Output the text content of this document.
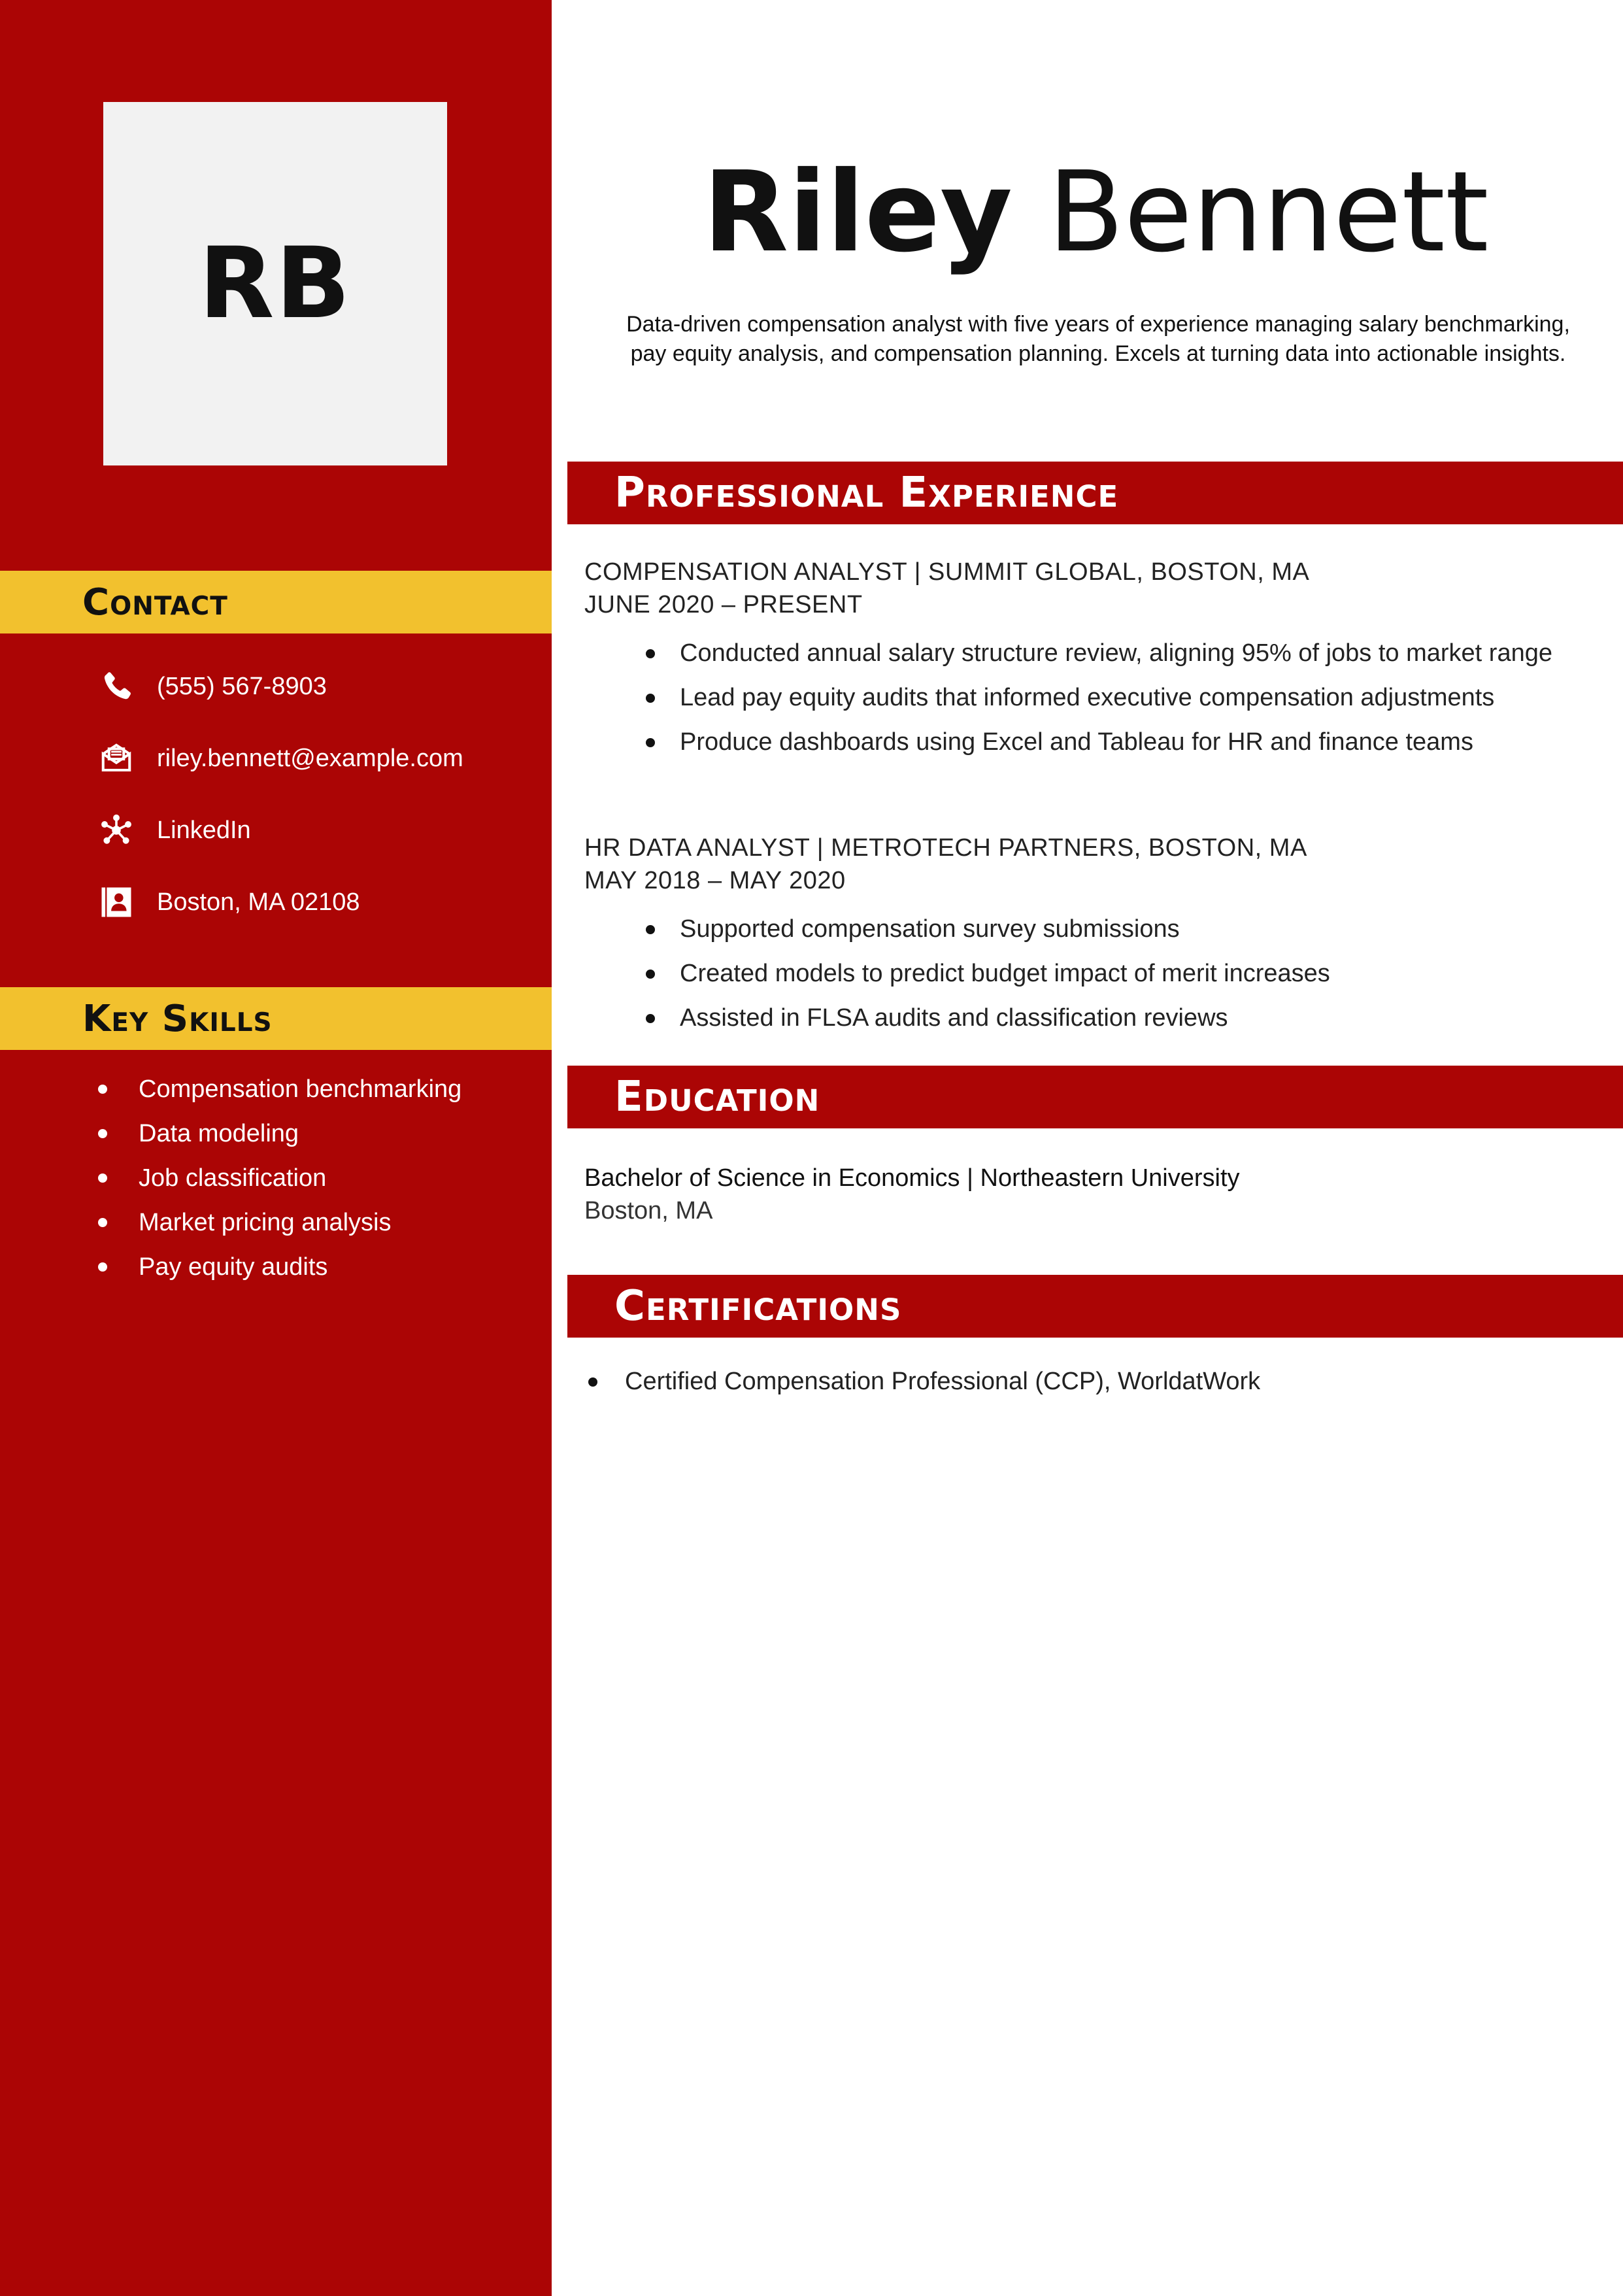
RB
Contact
(555) 567-8903
riley.bennett@example.com
LinkedIn
Boston, MA 02108
Key Skills
Compensation benchmarking
Data modeling
Job classification
Market pricing analysis
Pay equity audits
Riley Bennett
Data-driven compensation analyst with five years of experience managing salary benchmarking, pay equity analysis, and compensation planning. Excels at turning data into actionable insights.
Professional Experience
COMPENSATION ANALYST | SUMMIT GLOBAL, BOSTON, MA
JUNE 2020 – PRESENT
Conducted annual salary structure review, aligning 95% of jobs to market range
Lead pay equity audits that informed executive compensation adjustments
Produce dashboards using Excel and Tableau for HR and finance teams
HR DATA ANALYST | METROTECH PARTNERS, BOSTON, MA
MAY 2018 – MAY 2020
Supported compensation survey submissions
Created models to predict budget impact of merit increases
Assisted in FLSA audits and classification reviews
Education
Bachelor of Science in Economics | Northeastern University
Boston, MA
Certifications
Certified Compensation Professional (CCP), WorldatWork
